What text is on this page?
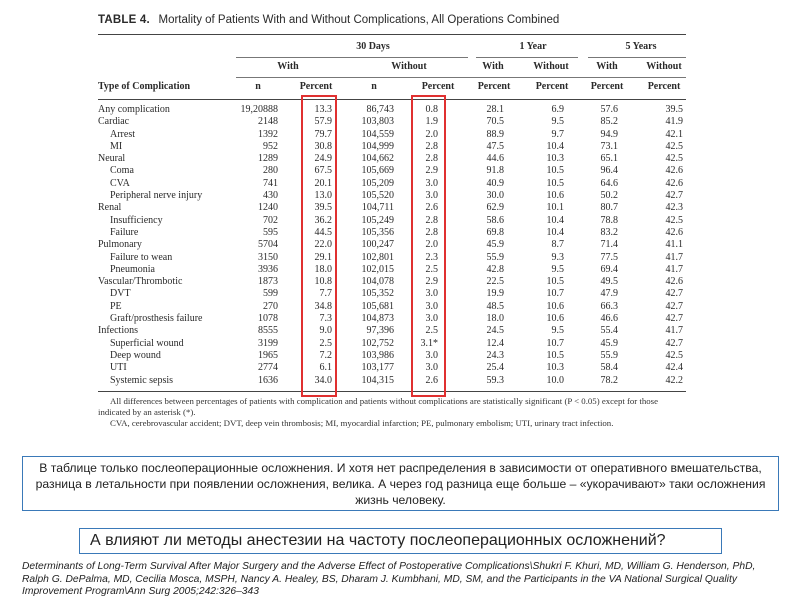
TABLE 4. Mortality of Patients With and Without Complications, All Operations Combined
30 Days	1 Year	5 Years
With	Without	With	Without	With	Without
Type of Complication	n	Percent	n	Percent	Percent	Percent	Percent	Percent
Any complication	19,20888	13.3	86,743	0.8	28.1	6.9	57.6	39.5
Cardiac	2148	57.9	103,803	1.9	70.5	9.5	85.2	41.9
Arrest	1392	79.7	104,559	2.0	88.9	9.7	94.9	42.1
MI	952	30.8	104,999	2.8	47.5	10.4	73.1	42.5
Neural	1289	24.9	104,662	2.8	44.6	10.3	65.1	42.5
Coma	280	67.5	105,669	2.9	91.8	10.5	96.4	42.6
CVA	741	20.1	105,209	3.0	40.9	10.5	64.6	42.6
Peripheral nerve injury	430	13.0	105,520	3.0	30.0	10.6	50.2	42.7
Renal	1240	39.5	104,711	2.6	62.9	10.1	80.7	42.3
Insufficiency	702	36.2	105,249	2.8	58.6	10.4	78.8	42.5
Failure	595	44.5	105,356	2.8	69.8	10.4	83.2	42.6
Pulmonary	5704	22.0	100,247	2.0	45.9	8.7	71.4	41.1
Failure to wean	3150	29.1	102,801	2.3	55.9	9.3	77.5	41.7
Pneumonia	3936	18.0	102,015	2.5	42.8	9.5	69.4	41.7
Vascular/Thrombotic	1873	10.8	104,078	2.9	22.5	10.5	49.5	42.6
DVT	599	7.7	105,352	3.0	19.9	10.7	47.9	42.7
PE	270	34.8	105,681	3.0	48.5	10.6	66.3	42.7
Graft/prosthesis failure	1078	7.3	104,873	3.0	18.0	10.6	46.6	42.7
Infections	8555	9.0	97,396	2.5	24.5	9.5	55.4	41.7
Superficial wound	3199	2.5	102,752	3.1*	12.4	10.7	45.9	42.7
Deep wound	1965	7.2	103,986	3.0	24.3	10.5	55.9	42.5
UTI	2774	6.1	103,177	3.0	25.4	10.3	58.4	42.4
Systemic sepsis	1636	34.0	104,315	2.6	59.3	10.0	78.2	42.2

All differences between percentages of patients with complication and patients without complications are statistically significant (P < 0.05) except for those indicated by an asterisk (*).

CVA, cerebrovascular accident; DVT, deep vein thrombosis; MI, myocardial infarction; PE, pulmonary embolism; UTI, urinary tract infection.

В таблице только послеоперационные осложнения. И хотя нет распределения в зависимости от оперативного вмешательства, разница в летальности при появлении осложнения, велика. А через год разница еще больше – «укорачивают» таки осложнения жизнь человеку.
А влияют ли методы анестезии на частоту послеоперационных осложнений?
Determinants of Long-Term Survival After Major Surgery and the Adverse Effect of Postoperative Complications\Shukri F. Khuri, MD, William G. Henderson, PhD, Ralph G. DePalma, MD, Cecilia Mosca, MSPH, Nancy A. Healey, BS, Dharam J. Kumbhani, MD, SM, and the Participants in the VA National Surgical Quality Improvement Program\Ann Surg 2005;242:326–343
